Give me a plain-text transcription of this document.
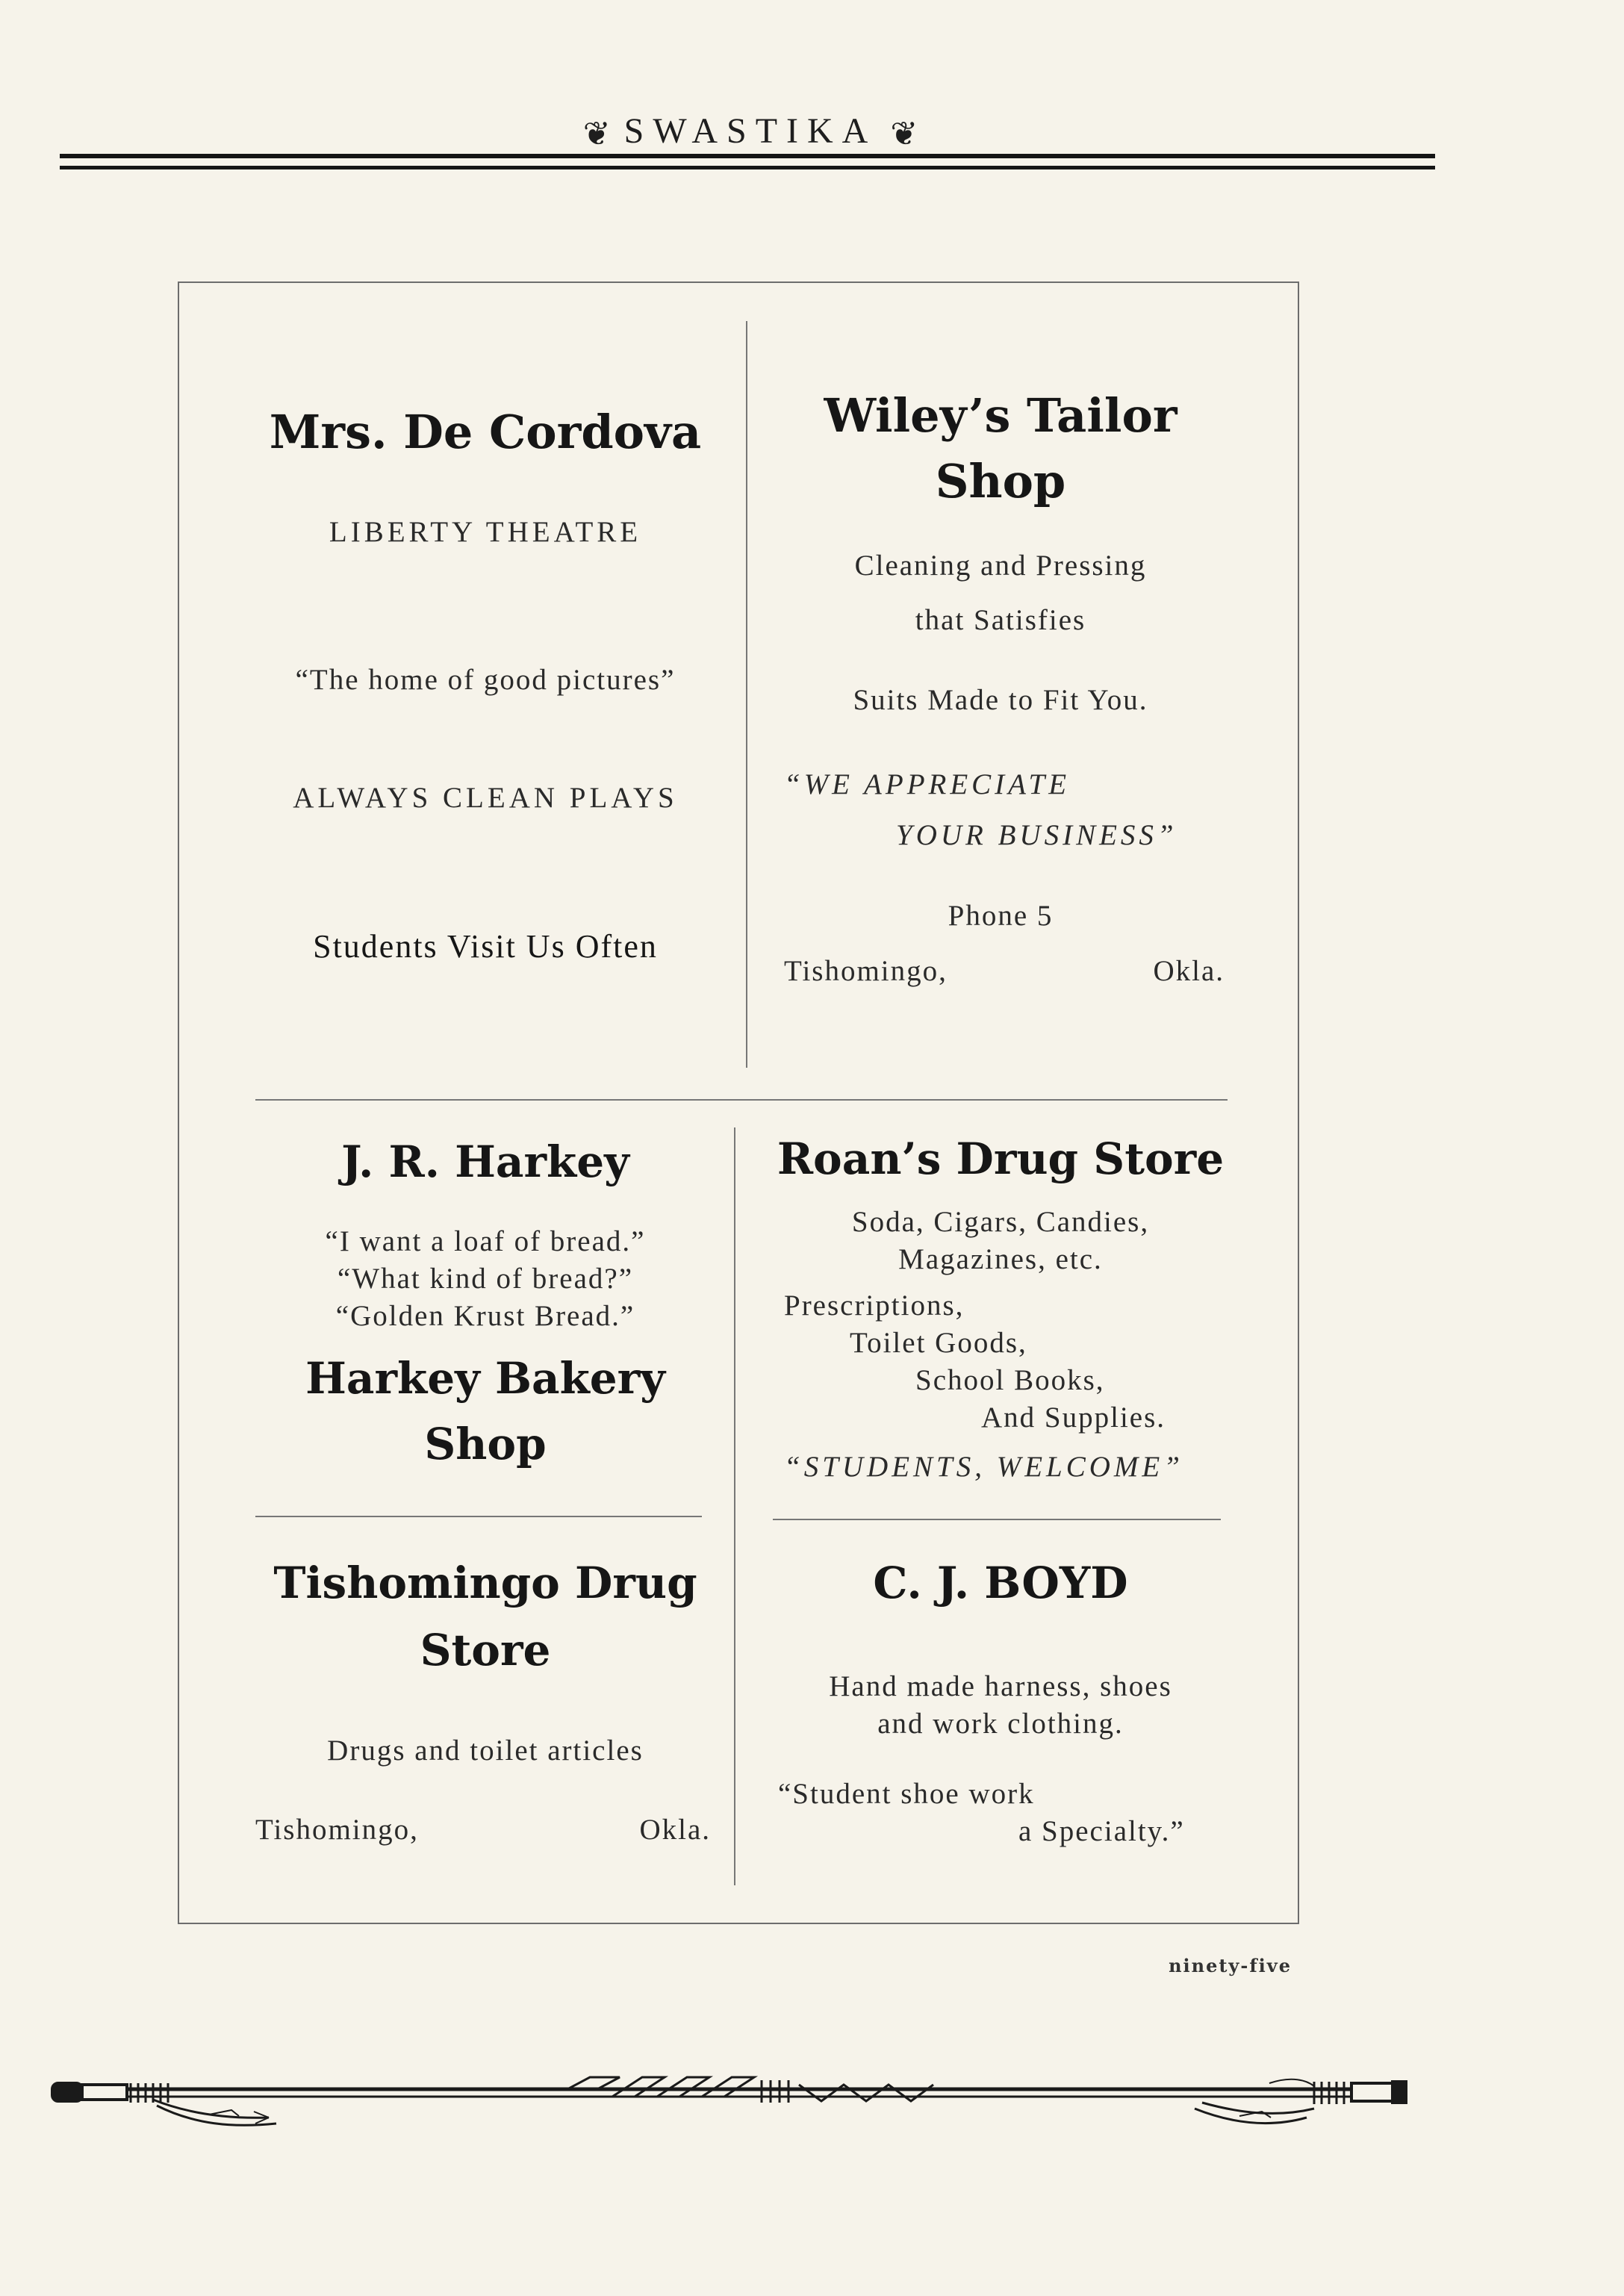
❦ SWASTIKA ❦
Mrs. De Cordova
LIBERTY THEATRE
“The home of good pictures”
ALWAYS CLEAN PLAYS
Students Visit Us Often
Wiley’s Tailor
Shop
Cleaning and Pressing
that Satisfies
Suits Made to Fit You.
“WE APPRECIATE
YOUR BUSINESS”
Phone 5
Tishomingo,	Okla.
J. R. Harkey
“I want a loaf of bread.”
“What kind of bread?”
“Golden Krust Bread.”
Harkey Bakery
Shop
Roan’s Drug Store
Soda, Cigars, Candies,
Magazines, etc.
Prescriptions,
Toilet Goods,
School Books,
And Supplies.
“STUDENTS, WELCOME”
Tishomingo Drug
Store
Drugs and toilet articles
Tishomingo,	Okla.
C. J. BOYD
Hand made harness, shoes
and work clothing.
“Student shoe work
a Specialty.”
ninety-five
